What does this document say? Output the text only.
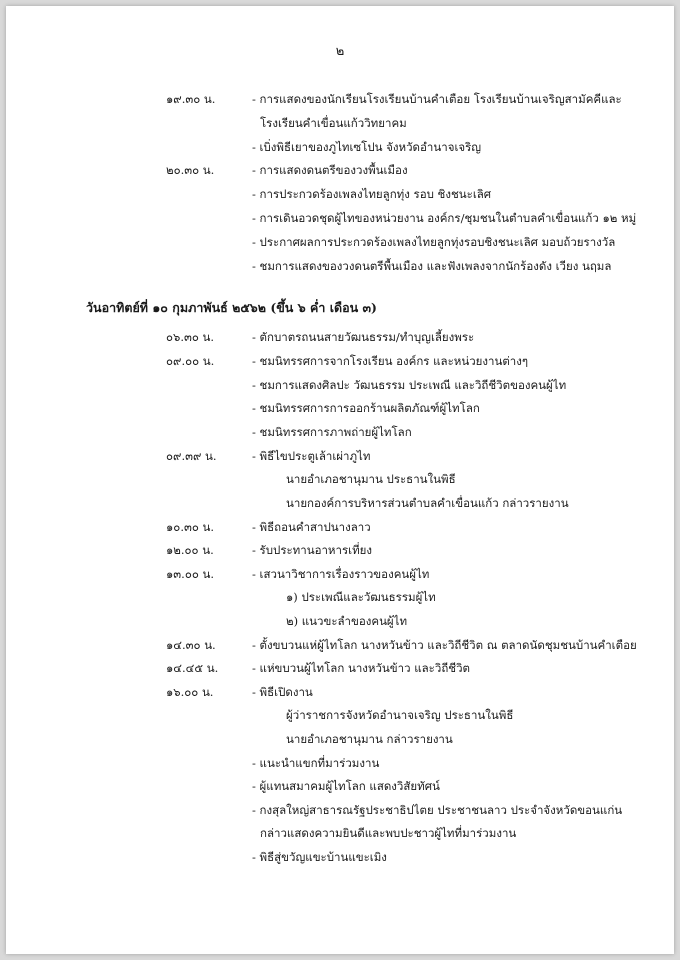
๒
๑๙.๓๐ น.	- การแสดงของนักเรียนโรงเรียนบ้านคำเตือย โรงเรียนบ้านเจริญสามัคคีและ
โรงเรียนคำเขื่อนแก้ววิทยาคม
- เบิ่งพิธีเยาของภูไทเซโปน จังหวัดอำนาจเจริญ
๒๐.๓๐ น.	- การแสดงดนตรีของวงพื้นเมือง
- การประกวดร้องเพลงไทยลูกทุ่ง รอบ ชิงชนะเลิศ
- การเดินอวดชุดผู้ไทของหน่วยงาน องค์กร/ชุมชนในตำบลคำเขื่อนแก้ว ๑๒ หมู่
- ประกาศผลการประกวดร้องเพลงไทยลูกทุ่งรอบชิงชนะเลิศ มอบถ้วยรางวัล
- ชมการแสดงของวงดนตรีพื้นเมือง และฟังเพลงจากนักร้องดัง เวียง นฤมล
วันอาทิตย์ที่ ๑๐ กุมภาพันธ์ ๒๕๖๒ (ขึ้น ๖ ค่ำ เดือน ๓)
๐๖.๓๐ น.	- ตักบาตรถนนสายวัฒนธรรม/ทำบุญเลี้ยงพระ
๐๙.๐๐ น.	- ชมนิทรรศการจากโรงเรียน องค์กร และหน่วยงานต่างๆ
- ชมการแสดงศิลปะ วัฒนธรรม ประเพณี และวิถีชีวิตของคนผู้ไท
- ชมนิทรรศการการออกร้านผลิตภัณฑ์ผู้ไทโลก
- ชมนิทรรศการภาพถ่ายผู้ไทโลก
๐๙.๓๙ น.	- พิธีไขประตูเล้าเผ่าภูไท
นายอำเภอชานุมาน ประธานในพิธี
นายกองค์การบริหารส่วนตำบลคำเขื่อนแก้ว กล่าวรายงาน
๑๐.๓๐ น.	- พิธีถอนคำสาปนางลาว
๑๒.๐๐ น.	- รับประทานอาหารเที่ยง
๑๓.๐๐ น.	- เสวนาวิชาการเรื่องราวของคนผู้ไท
๑) ประเพณีและวัฒนธรรมผู้ไท
๒) แนวขะลำของคนผู้ไท
๑๔.๓๐ น.	- ตั้งขบวนแห่ผู้ไทโลก นางหวันข้าว และวิถีชีวิต ณ ตลาดนัดชุมชนบ้านคำเตือย
๑๔.๔๕ น.	- แห่ขบวนผู้ไทโลก นางหวันข้าว และวิถีชีวิต
๑๖.๐๐ น.	- พิธีเปิดงาน
ผู้ว่าราชการจังหวัดอำนาจเจริญ ประธานในพิธี
นายอำเภอชานุมาน กล่าวรายงาน
- แนะนำแขกที่มาร่วมงาน
- ผู้แทนสมาคมผู้ไทโลก แสดงวิสัยทัศน์
- กงสุลใหญ่สาธารณรัฐประชาธิปไตย ประชาชนลาว ประจำจังหวัดขอนแก่น
กล่าวแสดงความยินดีและพบปะชาวผู้ไทที่มาร่วมงาน
- พิธีสู่ขวัญแขะบ้านแขะเมิง
